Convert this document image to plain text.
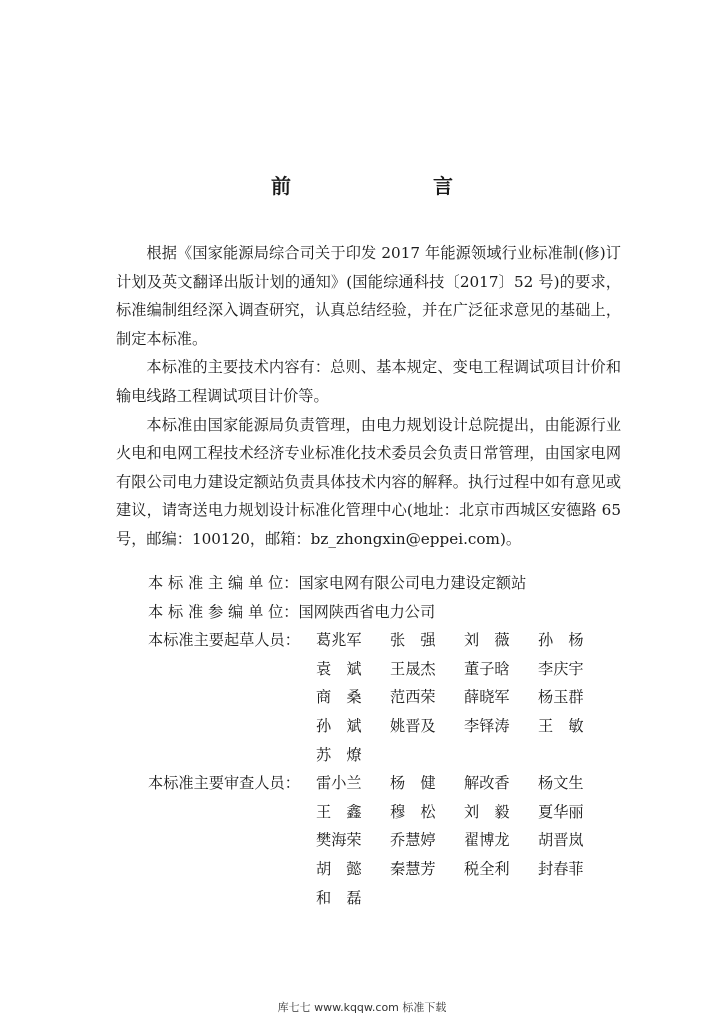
前　　言

根据《国家能源局综合司关于印发 2017 年能源领域行业标准制(修)订计划及英文翻译出版计划的通知》(国能综通科技〔2017〕52 号)的要求，标准编制组经深入调查研究，认真总结经验，并在广泛征求意见的基础上，制定本标准。

本标准的主要技术内容有：总则、基本规定、变电工程调试项目计价和输电线路工程调试项目计价等。

本标准由国家能源局负责管理，由电力规划设计总院提出，由能源行业火电和电网工程技术经济专业标准化技术委员会负责日常管理，由国家电网有限公司电力建设定额站负责具体技术内容的解释。执行过程中如有意见或建议，请寄送电力规划设计标准化管理中心(地址：北京市西城区安德路 65 号，邮编：100120，邮箱：bz_zhongxin@eppei.com)。

本 标 准 主 编 单 位： 国家电网有限公司电力建设定额站
本 标 准 参 编 单 位： 国网陕西省电力公司
本标准主要起草人员：	葛兆军	张　强	刘　薇	孙　杨
袁　斌	王晟杰	董子晗	李庆宇
商　桑	范西荣	薛晓军	杨玉群
孙　斌	姚晋及	李铎涛	王　敏
苏　燎
本标准主要审查人员：	雷小兰	杨　健	解改香	杨文生
王　鑫	穆　松	刘　毅	夏华丽
樊海荣	乔慧婷	翟博龙	胡晋岚
胡　懿	秦慧芳	税全利	封春菲
和　磊
库七七 www.kqqw.com 标准下载
